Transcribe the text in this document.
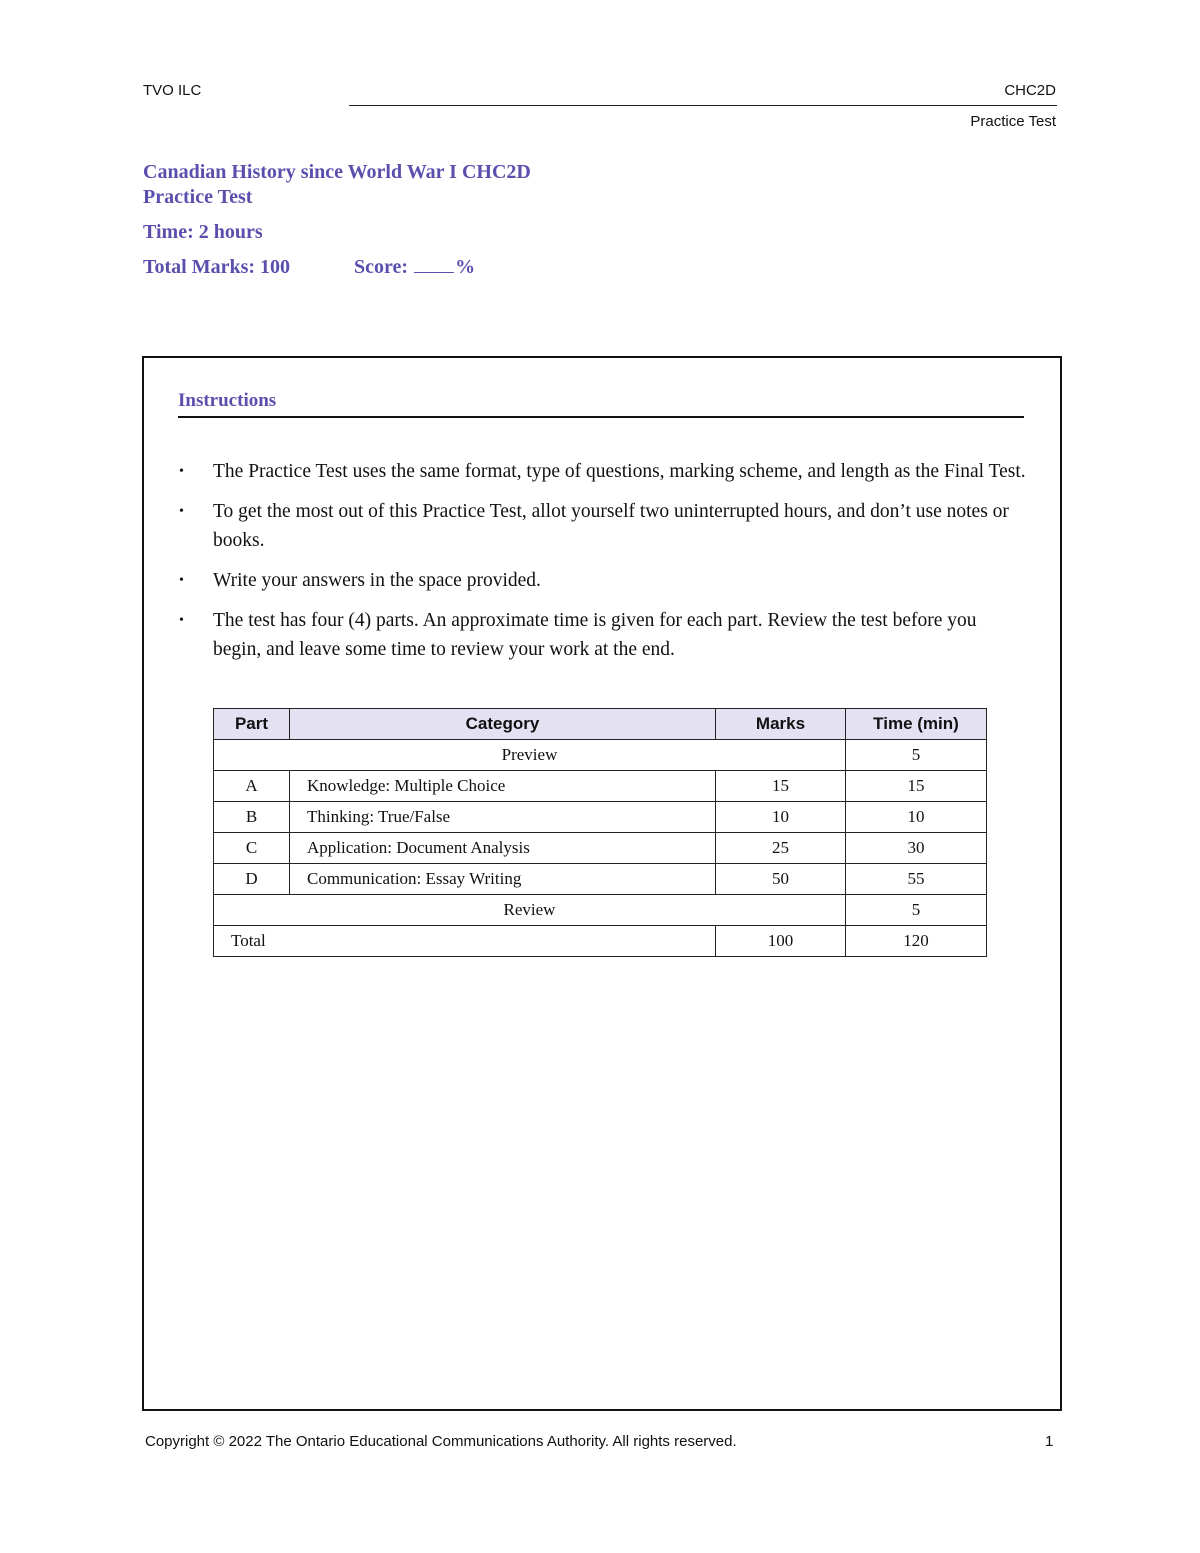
TVO ILC	CHC2D
Practice Test
Canadian History since World War I CHC2D
Practice Test
Time: 2 hours
Total Marks: 100	Score: %
Instructions
• The Practice Test uses the same format, type of questions, marking scheme, and length as the Final Test.
• To get the most out of this Practice Test, allot yourself two uninterrupted hours, and don’t use notes or books.
• Write your answers in the space provided.
• The test has four (4) parts. An approximate time is given for each part. Review the test before you begin, and leave some time to review your work at the end.
Part	Category	Marks	Time (min)
Preview			5
A	Knowledge: Multiple Choice	15	15
B	Thinking: True/False	10	10
C	Application: Document Analysis	25	30
D	Communication: Essay Writing	50	55
Review			5
Total		100	120
Copyright © 2022 The Ontario Educational Communications Authority. All rights reserved.	1
